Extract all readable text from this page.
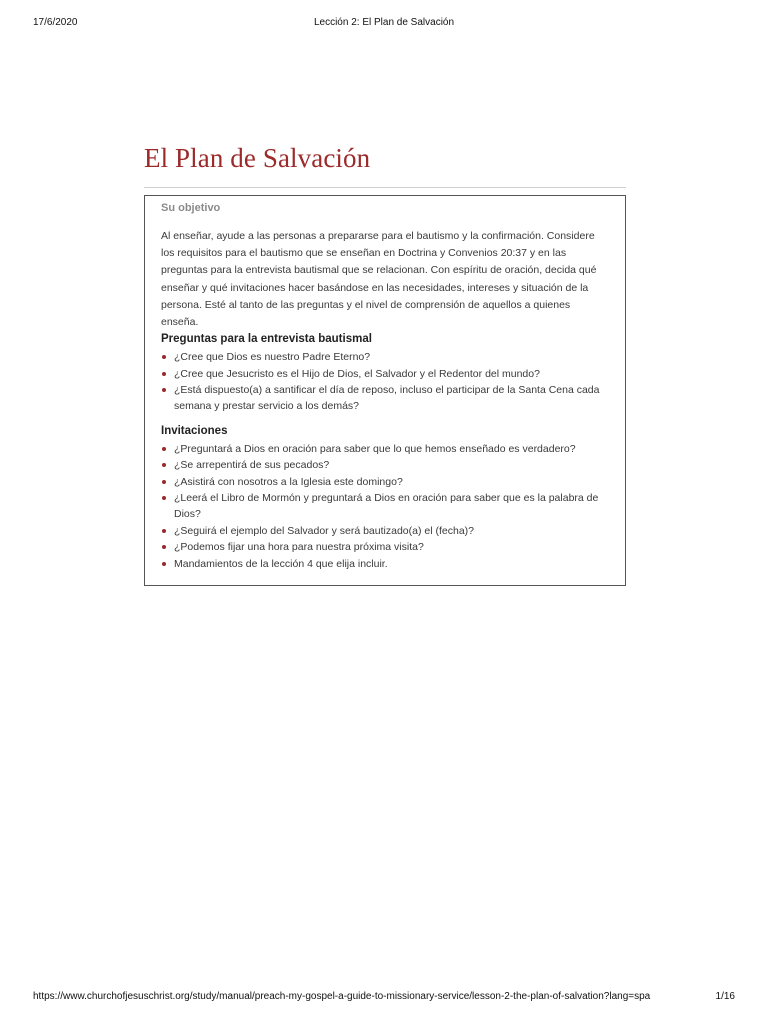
17/6/2020	Lección 2: El Plan de Salvación
El Plan de Salvación

Su objetivo

Al enseñar, ayude a las personas a prepararse para el bautismo y la confirmación. Considere los requisitos para el bautismo que se enseñan en Doctrina y Convenios 20:37 y en las preguntas para la entrevista bautismal que se relacionan. Con espíritu de oración, decida qué enseñar y qué invitaciones hacer basándose en las necesidades, intereses y situación de la persona. Esté al tanto de las preguntas y el nivel de comprensión de aquellos a quienes enseña.

Preguntas para la entrevista bautismal

¿Cree que Dios es nuestro Padre Eterno?
¿Cree que Jesucristo es el Hijo de Dios, el Salvador y el Redentor del mundo?
¿Está dispuesto(a) a santificar el día de reposo, incluso el participar de la Santa Cena cada semana y prestar servicio a los demás?

Invitaciones

¿Preguntará a Dios en oración para saber que lo que hemos enseñado es verdadero?
¿Se arrepentirá de sus pecados?
¿Asistirá con nosotros a la Iglesia este domingo?
¿Leerá el Libro de Mormón y preguntará a Dios en oración para saber que es la palabra de Dios?
¿Seguirá el ejemplo del Salvador y será bautizado(a) el (fecha)?
¿Podemos fijar una hora para nuestra próxima visita?
Mandamientos de la lección 4 que elija incluir.
https://www.churchofjesuschrist.org/study/manual/preach-my-gospel-a-guide-to-missionary-service/lesson-2-the-plan-of-salvation?lang=spa	1/16
